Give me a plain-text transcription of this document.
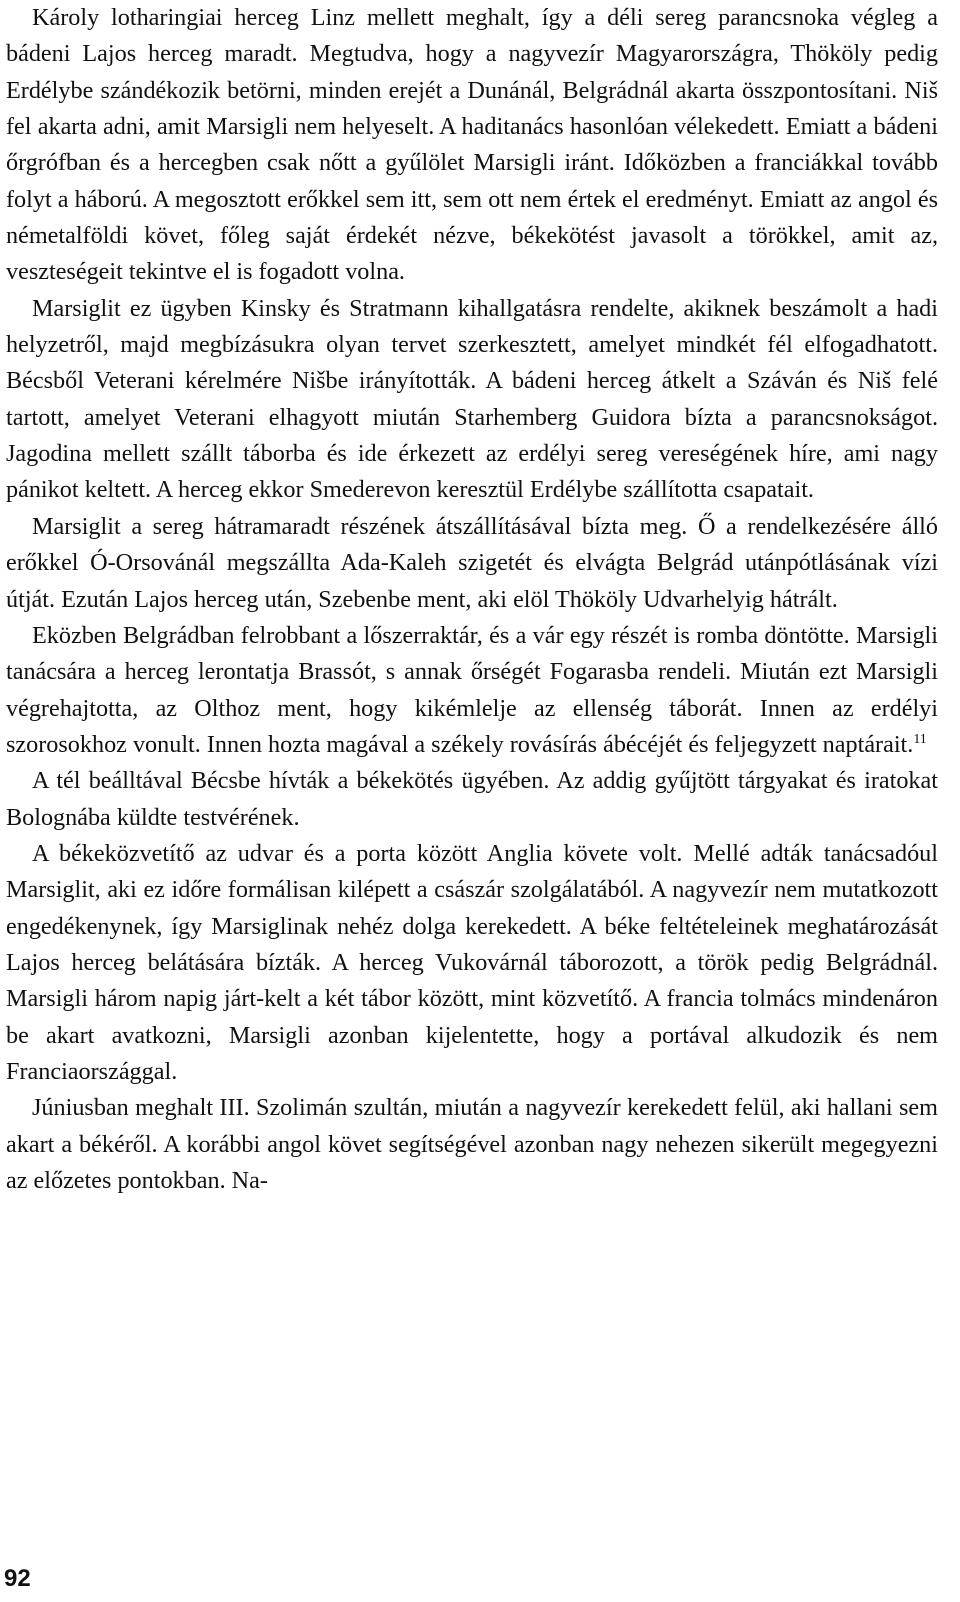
Károly lotharingiai herceg Linz mellett meghalt, így a déli sereg parancsnoka végleg a bádeni Lajos herceg maradt. Megtudva, hogy a nagyvezír Magyarországra, Thököly pedig Erdélybe szándékozik betörni, minden erejét a Dunánál, Belgrádnál akarta összpontosítani. Niš fel akarta adni, amit Marsigli nem helyeselt. A haditanács hasonlóan vélekedett. Emiatt a bádeni őrgrófban és a hercegben csak nőtt a gyűlölet Marsigli iránt. Időközben a franciákkal tovább folyt a háború. A megosztott erőkkel sem itt, sem ott nem értek el eredményt. Emiatt az angol és németalföldi követ, főleg saját érdekét nézve, békekötést javasolt a törökkel, amit az, veszteségeit tekintve el is fogadott volna.

Marsiglit ez ügyben Kinsky és Stratmann kihallgatásra rendelte, akiknek beszámolt a hadi helyzetről, majd megbízásukra olyan tervet szerkesztett, amelyet mindkét fél elfogadhatott. Bécsből Veterani kérelmére Nišbe irányították. A bádeni herceg átkelt a Száván és Niš felé tartott, amelyet Veterani elhagyott miután Starhemberg Guidora bízta a parancsnokságot. Jagodina mellett szállt táborba és ide érkezett az erdélyi sereg vereségének híre, ami nagy pánikot keltett. A herceg ekkor Smederevon keresztül Erdélybe szállította csapatait.

Marsiglit a sereg hátramaradt részének átszállításával bízta meg. Ő a rendelkezésére álló erőkkel Ó-Orsovánál megszállta Ada-Kaleh szigetét és elvágta Belgrád utánpótlásának vízi útját. Ezután Lajos herceg után, Szebenbe ment, aki elöl Thököly Udvarhelyig hátrált.

Eközben Belgrádban felrobbant a lőszerraktár, és a vár egy részét is romba döntötte. Marsigli tanácsára a herceg lerontatja Brassót, s annak őrségét Fogarasba rendeli. Miután ezt Marsigli végrehajtotta, az Olthoz ment, hogy kikémlelje az ellenség táborát. Innen az erdélyi szorosokhoz vonult. Innen hozta magával a székely rovásírás ábécéjét és feljegyzett naptárait.$^{11}$

A tél beálltával Bécsbe hívták a békekötés ügyében. Az addig gyűjtött tárgyakat és iratokat Bolognába küldte testvérének.

A békeközvetítő az udvar és a porta között Anglia követe volt. Mellé adták tanácsadóul Marsiglit, aki ez időre formálisan kilépett a császár szolgálatából. A nagyvezír nem mutatkozott engedékenynek, így Marsiglinak nehéz dolga kerekedett. A béke feltételeinek meghatározását Lajos herceg belátására bízták. A herceg Vukovárnál táborozott, a török pedig Belgrádnál. Marsigli három napig járt-kelt a két tábor között, mint közvetítő. A francia tolmács mindenáron be akart avatkozni, Marsigli azonban kijelentette, hogy a portával alkudozik és nem Franciaországgal.

Júniusban meghalt III. Szolimán szultán, miután a nagyvezír kerekedett felül, aki hallani sem akart a békéről. A korábbi angol követ segítségével azonban nagy nehezen sikerült megegyezni az előzetes pontokban. Na-

92
